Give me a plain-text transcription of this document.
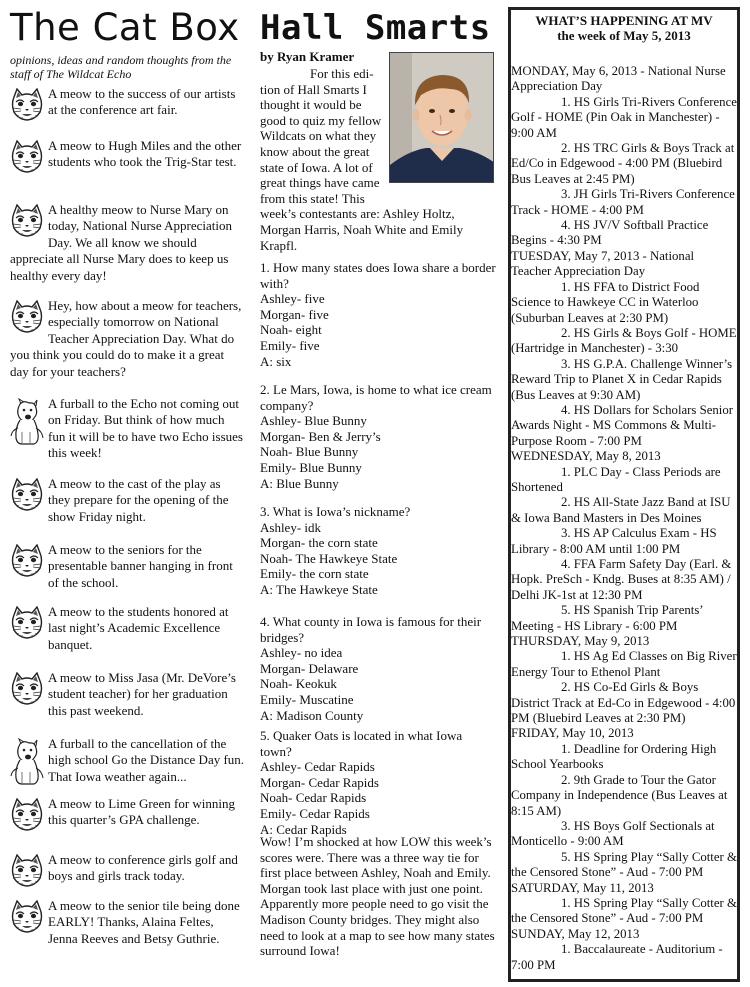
The Cat Box
opinions, ideas and random thoughts from the
staff of The Wildcat Echo
A meow to the success of our artists at the conference art fair.
A meow to Hugh Miles and the other students who took the Trig-Star test.
A healthy meow to Nurse Mary on today, National Nurse Appreciation Day. We all know we should appreciate all Nurse Mary does to keep us healthy every day!
Hey, how about a meow for teachers, especially tomorrow on National Teacher Appreciation Day. What do you think you could do to make it a great day for your teachers?
A furball to the Echo not coming out on Friday. But think of how much fun it will be to have two Echo issues this week!
A meow to the cast of the play as they prepare for the opening of the show Friday night.
A meow to the seniors for the presentable banner hanging in front of the school.
A meow to the students honored at last night’s Academic Excellence banquet.
A meow to Miss Jasa (Mr. DeVore’s student teacher) for her graduation this past weekend.
A furball to the cancellation of the high school Go the Distance Day fun. That Iowa weather again...
A meow to Lime Green for winning this quarter’s GPA challenge.
A meow to conference girls golf and boys and girls track today.
A meow to the senior tile being done EARLY! Thanks, Alaina Feltes, Jenna Reeves and Betsy Guthrie.
Hall Smarts
by Ryan Kramer
For this edi-
tion of Hall Smarts I
thought it would be
good to quiz my fellow
Wildcats on what they
know about the great
state of Iowa. A lot of
great things have came
from this state! This
week’s contestants are: Ashley Holtz, Morgan Harris, Noah White and Emily Krapfl.
1. How many states does Iowa share a border with?
Ashley- five
Morgan- five
Noah- eight
Emily- five
A: six
2. Le Mars, Iowa, is home to what ice cream company?
Ashley- Blue Bunny
Morgan- Ben & Jerry’s
Noah- Blue Bunny
Emily- Blue Bunny
A: Blue Bunny
3. What is Iowa’s nickname?
Ashley- idk
Morgan- the corn state
Noah- The Hawkeye State
Emily- the corn state
A: The Hawkeye State
4. What county in Iowa is famous for their bridges?
Ashley- no idea
Morgan- Delaware
Noah- Keokuk
Emily- Muscatine
A: Madison County
5. Quaker Oats is located in what Iowa town?
Ashley- Cedar Rapids
Morgan- Cedar Rapids
Noah- Cedar Rapids
Emily- Cedar Rapids
A: Cedar Rapids
Wow! I’m shocked at how LOW this week’s scores were. There was a three way tie for first place between Ashley, Noah and Emily. Morgan took last place with just one point. Apparently more people need to go visit the Madison County bridges. They might also need to look at a map to see how many states surround Iowa!
WHAT’S HAPPENING AT MV
the week of May 5, 2013
MONDAY, May 6, 2013 - National Nurse Appreciation Day
1. HS Girls Tri-Rivers Conference Golf - HOME (Pin Oak in Manchester) - 9:00 AM
2. HS TRC Girls & Boys Track at Ed/Co in Edgewood - 4:00 PM (Bluebird Bus Leaves at 2:45 PM)
3. JH Girls Tri-Rivers Conference Track - HOME - 4:00 PM
4. HS JV/V Softball Practice Begins - 4:30 PM
TUESDAY, May 7, 2013 - National Teacher Appreciation Day
1. HS FFA to District Food Science to Hawkeye CC in Waterloo (Suburban Leaves at 2:30 PM)
2. HS Girls & Boys Golf - HOME (Hartridge in Manchester) - 3:30
3. HS G.P.A. Challenge Winner’s Reward Trip to Planet X in Cedar Rapids (Bus Leaves at 9:30 AM)
4. HS Dollars for Scholars Senior Awards Night - MS Commons & Multi-Purpose Room - 7:00 PM
WEDNESDAY, May 8, 2013
1. PLC Day - Class Periods are Shortened
2. HS All-State Jazz Band at ISU & Iowa Band Masters in Des Moines
3. HS AP Calculus Exam - HS Library - 8:00 AM until 1:00 PM
4. FFA Farm Safety Day (Earl. & Hopk. PreSch - Kndg. Buses at 8:35 AM) / Delhi JK-1st at 12:30 PM
5. HS Spanish Trip Parents’ Meeting - HS Library - 6:00 PM
THURSDAY, May 9, 2013
1. HS Ag Ed Classes on Big River Energy Tour to Ethenol Plant
2. HS Co-Ed Girls & Boys District Track at Ed-Co in Edgewood - 4:00 PM (Bluebird Leaves at 2:30 PM)
FRIDAY, May 10, 2013
1. Deadline for Ordering High School Yearbooks
2. 9th Grade to Tour the Gator Company in Independence (Bus Leaves at 8:15 AM)
3. HS Boys Golf Sectionals at Monticello - 9:00 AM
5. HS Spring Play “Sally Cotter & the Censored Stone” - Aud - 7:00 PM
SATURDAY, May 11, 2013
1. HS Spring Play “Sally Cotter & the Censored Stone” - Aud - 7:00 PM
SUNDAY, May 12, 2013
1. Baccalaureate - Auditorium - 7:00 PM
